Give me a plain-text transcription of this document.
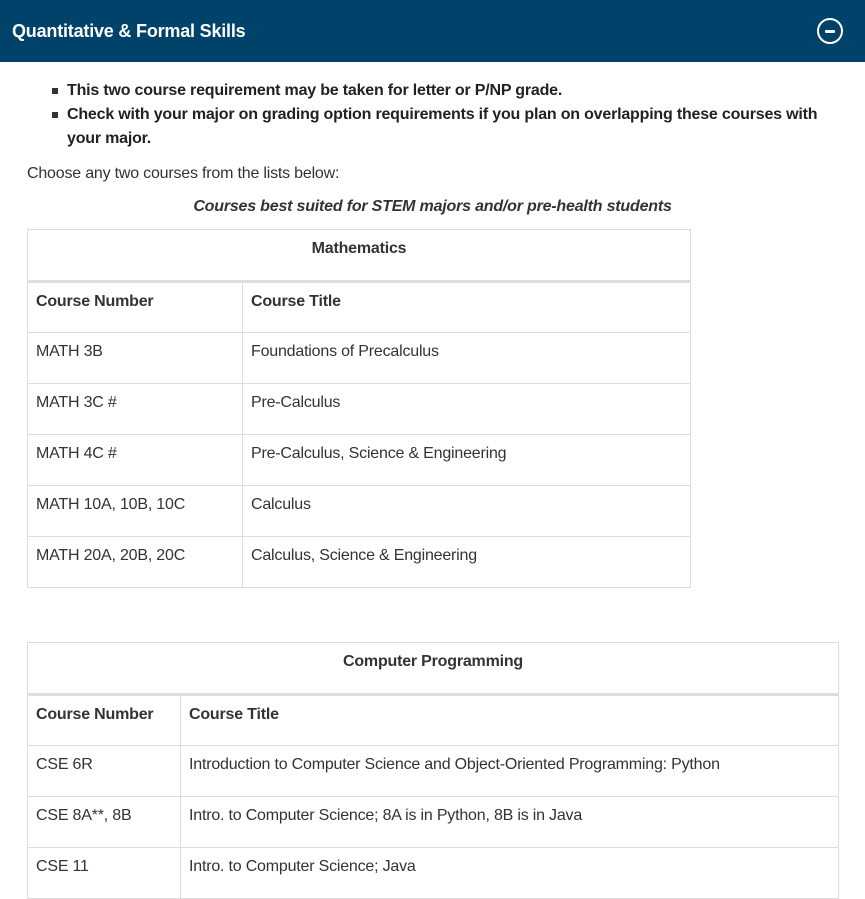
Quantitative & Formal Skills
This two course requirement may be taken for letter or P/NP grade.
Check with your major on grading option requirements if you plan on overlapping these courses with your major.

Choose any two courses from the lists below:

Courses best suited for STEM majors and/or pre-health students

Mathematics	
Course Number	Course Title
MATH 3B	Foundations of Precalculus
MATH 3C #	Pre-Calculus
MATH 4C #	Pre-Calculus, Science & Engineering
MATH 10A, 10B, 10C	Calculus
MATH 20A, 20B, 20C	Calculus, Science & Engineering
Computer Programming	
Course Number	Course Title
CSE 6R	Introduction to Computer Science and Object-Oriented Programming: Python
CSE 8A**, 8B	Intro. to Computer Science; 8A is in Python, 8B is in Java
CSE 11	Intro. to Computer Science; Java
